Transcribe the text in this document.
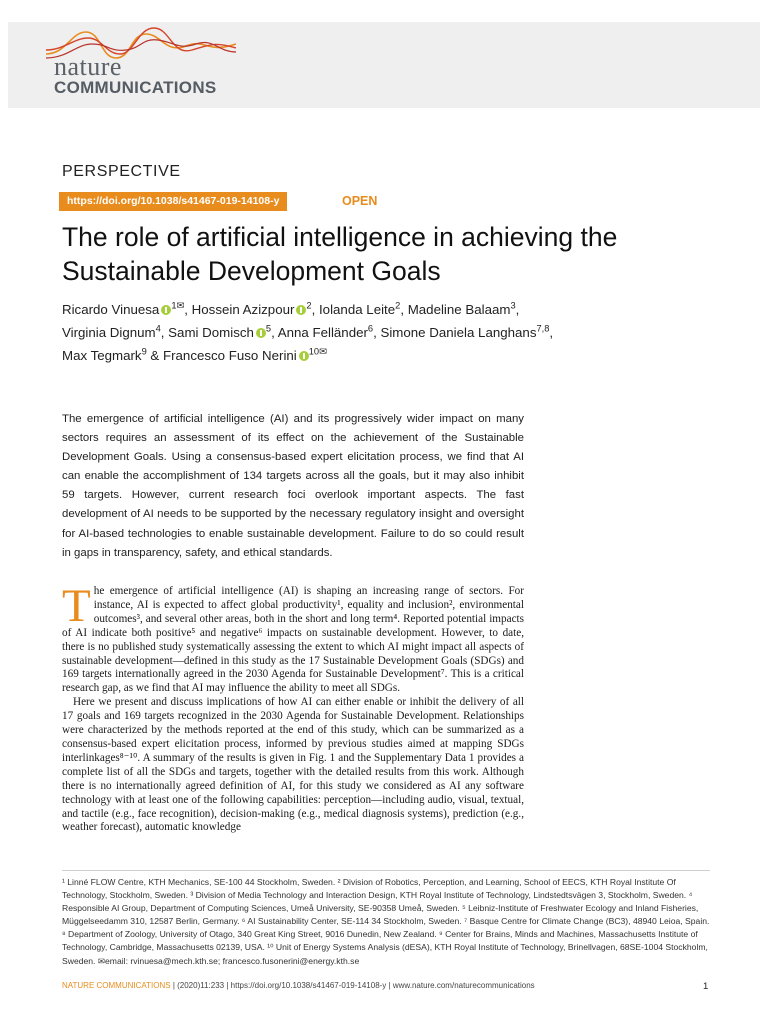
nature
COMMUNICATIONS
PERSPECTIVE
https://doi.org/10.1038/s41467-019-14108-y	OPEN
The role of artificial intelligence in achieving the Sustainable Development Goals
Ricardo Vinuesa $^{1✉}$, Hossein Azizpour $^2$, Iolanda Leite$^2$, Madeline Balaam$^3$,
Virginia Dignum$^4$, Sami Domisch $^5$, Anna Felländer$^6$, Simone Daniela Langhans$^{7,8}$,
Max Tegmark$^9$ & Francesco Fuso Nerini $^{10✉}$
The emergence of artificial intelligence (AI) and its progressively wider impact on many sectors requires an assessment of its effect on the achievement of the Sustainable Development Goals. Using a consensus-based expert elicitation process, we find that AI can enable the accomplishment of 134 targets across all the goals, but it may also inhibit 59 targets. However, current research foci overlook important aspects. The fast development of AI needs to be supported by the necessary regulatory insight and oversight for AI-based technologies to enable sustainable development. Failure to do so could result in gaps in transparency, safety, and ethical standards.

The emergence of artificial intelligence (AI) is shaping an increasing range of sectors. For instance, AI is expected to affect global productivity¹, equality and inclusion², environmental outcomes³, and several other areas, both in the short and long term⁴. Reported potential impacts of AI indicate both positive⁵ and negative⁶ impacts on sustainable development. However, to date, there is no published study systematically assessing the extent to which AI might impact all aspects of sustainable development—defined in this study as the 17 Sustainable Development Goals (SDGs) and 169 targets internationally agreed in the 2030 Agenda for Sustainable Development⁷. This is a critical research gap, as we find that AI may influence the ability to meet all SDGs.

Here we present and discuss implications of how AI can either enable or inhibit the delivery of all 17 goals and 169 targets recognized in the 2030 Agenda for Sustainable Development. Relationships were characterized by the methods reported at the end of this study, which can be summarized as a consensus-based expert elicitation process, informed by previous studies aimed at mapping SDGs interlinkages⁸⁻¹⁰. A summary of the results is given in Fig. 1 and the Supplementary Data 1 provides a complete list of all the SDGs and targets, together with the detailed results from this work. Although there is no internationally agreed definition of AI, for this study we considered as AI any software technology with at least one of the following capabilities: perception—including audio, visual, textual, and tactile (e.g., face recognition), decision-making (e.g., medical diagnosis systems), prediction (e.g., weather forecast), automatic knowledge

¹ Linné FLOW Centre, KTH Mechanics, SE-100 44 Stockholm, Sweden. ² Division of Robotics, Perception, and Learning, School of EECS, KTH Royal Institute Of Technology, Stockholm, Sweden. ³ Division of Media Technology and Interaction Design, KTH Royal Institute of Technology, Lindstedtsvägen 3, Stockholm, Sweden. ⁴ Responsible AI Group, Department of Computing Sciences, Umeå University, SE-90358 Umeå, Sweden. ⁵ Leibniz-Institute of Freshwater Ecology and Inland Fisheries, Müggelseedamm 310, 12587 Berlin, Germany. ⁶ AI Sustainability Center, SE-114 34 Stockholm, Sweden. ⁷ Basque Centre for Climate Change (BC3), 48940 Leioa, Spain. ⁸ Department of Zoology, University of Otago, 340 Great King Street, 9016 Dunedin, New Zealand. ⁹ Center for Brains, Minds and Machines, Massachusetts Institute of Technology, Cambridge, Massachusetts 02139, USA. ¹⁰ Unit of Energy Systems Analysis (dESA), KTH Royal Institute of Technology, Brinellvagen, 68SE-1004 Stockholm, Sweden. ✉email: rvinuesa@mech.kth.se; francesco.fusonerini@energy.kth.se
NATURE COMMUNICATIONS | (2020)11:233 | https://doi.org/10.1038/s41467-019-14108-y | www.nature.com/naturecommunications	1
